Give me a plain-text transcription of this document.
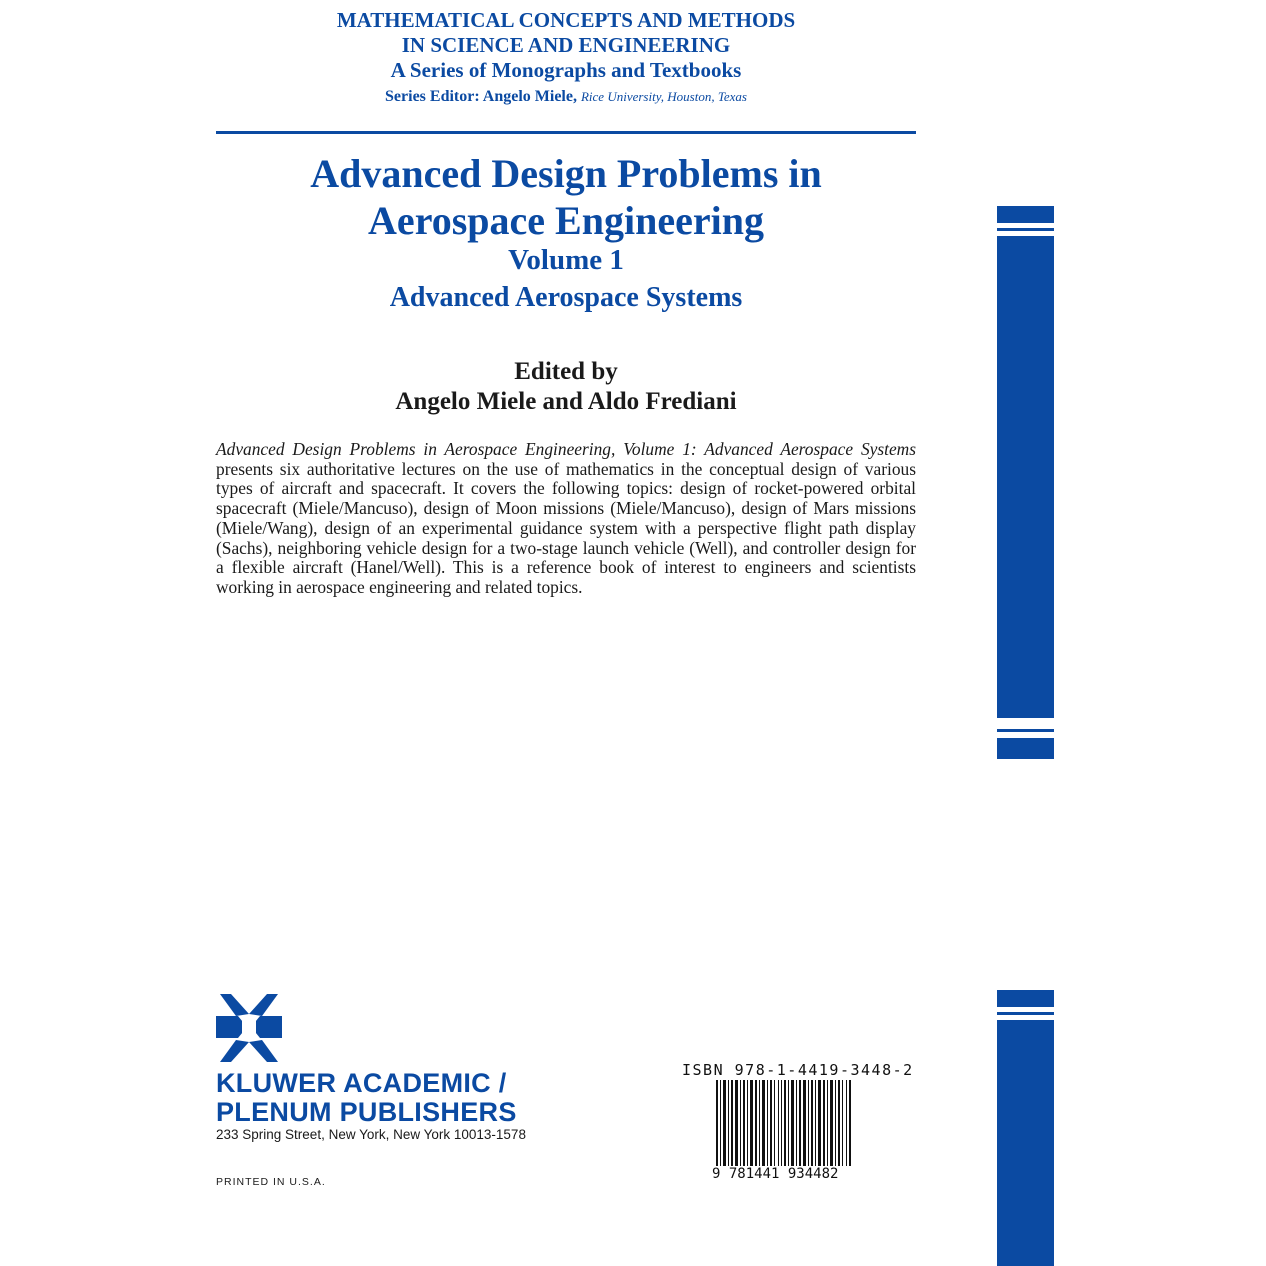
MATHEMATICAL CONCEPTS AND METHODS
IN SCIENCE AND ENGINEERING
A Series of Monographs and Textbooks
Series Editor: Angelo Miele, Rice University, Houston, Texas
Advanced Design Problems in
Aerospace Engineering
Volume 1
Advanced Aerospace Systems
Edited by
Angelo Miele and Aldo Frediani
Advanced Design Problems in Aerospace Engineering, Volume 1: Advanced Aerospace Systems presents six authoritative lectures on the use of mathematics in the conceptual design of various types of aircraft and spacecraft. It covers the following topics: design of rocket-powered orbital spacecraft (Miele/Mancuso), design of Moon missions (Miele/Mancuso), design of Mars missions (Miele/Wang), design of an experimental guidance system with a perspective flight path display (Sachs), neighboring vehicle design for a two-stage launch vehicle (Well), and controller design for a flexible aircraft (Hanel/Well). This is a reference book of interest to engineers and scientists working in aerospace engineering and related topics.
KLUWER ACADEMIC /
PLENUM PUBLISHERS
233 Spring Street, New York, New York 10013-1578
PRINTED IN U.S.A.
ISBN 978-1-4419-3448-2
9 781441 934482
